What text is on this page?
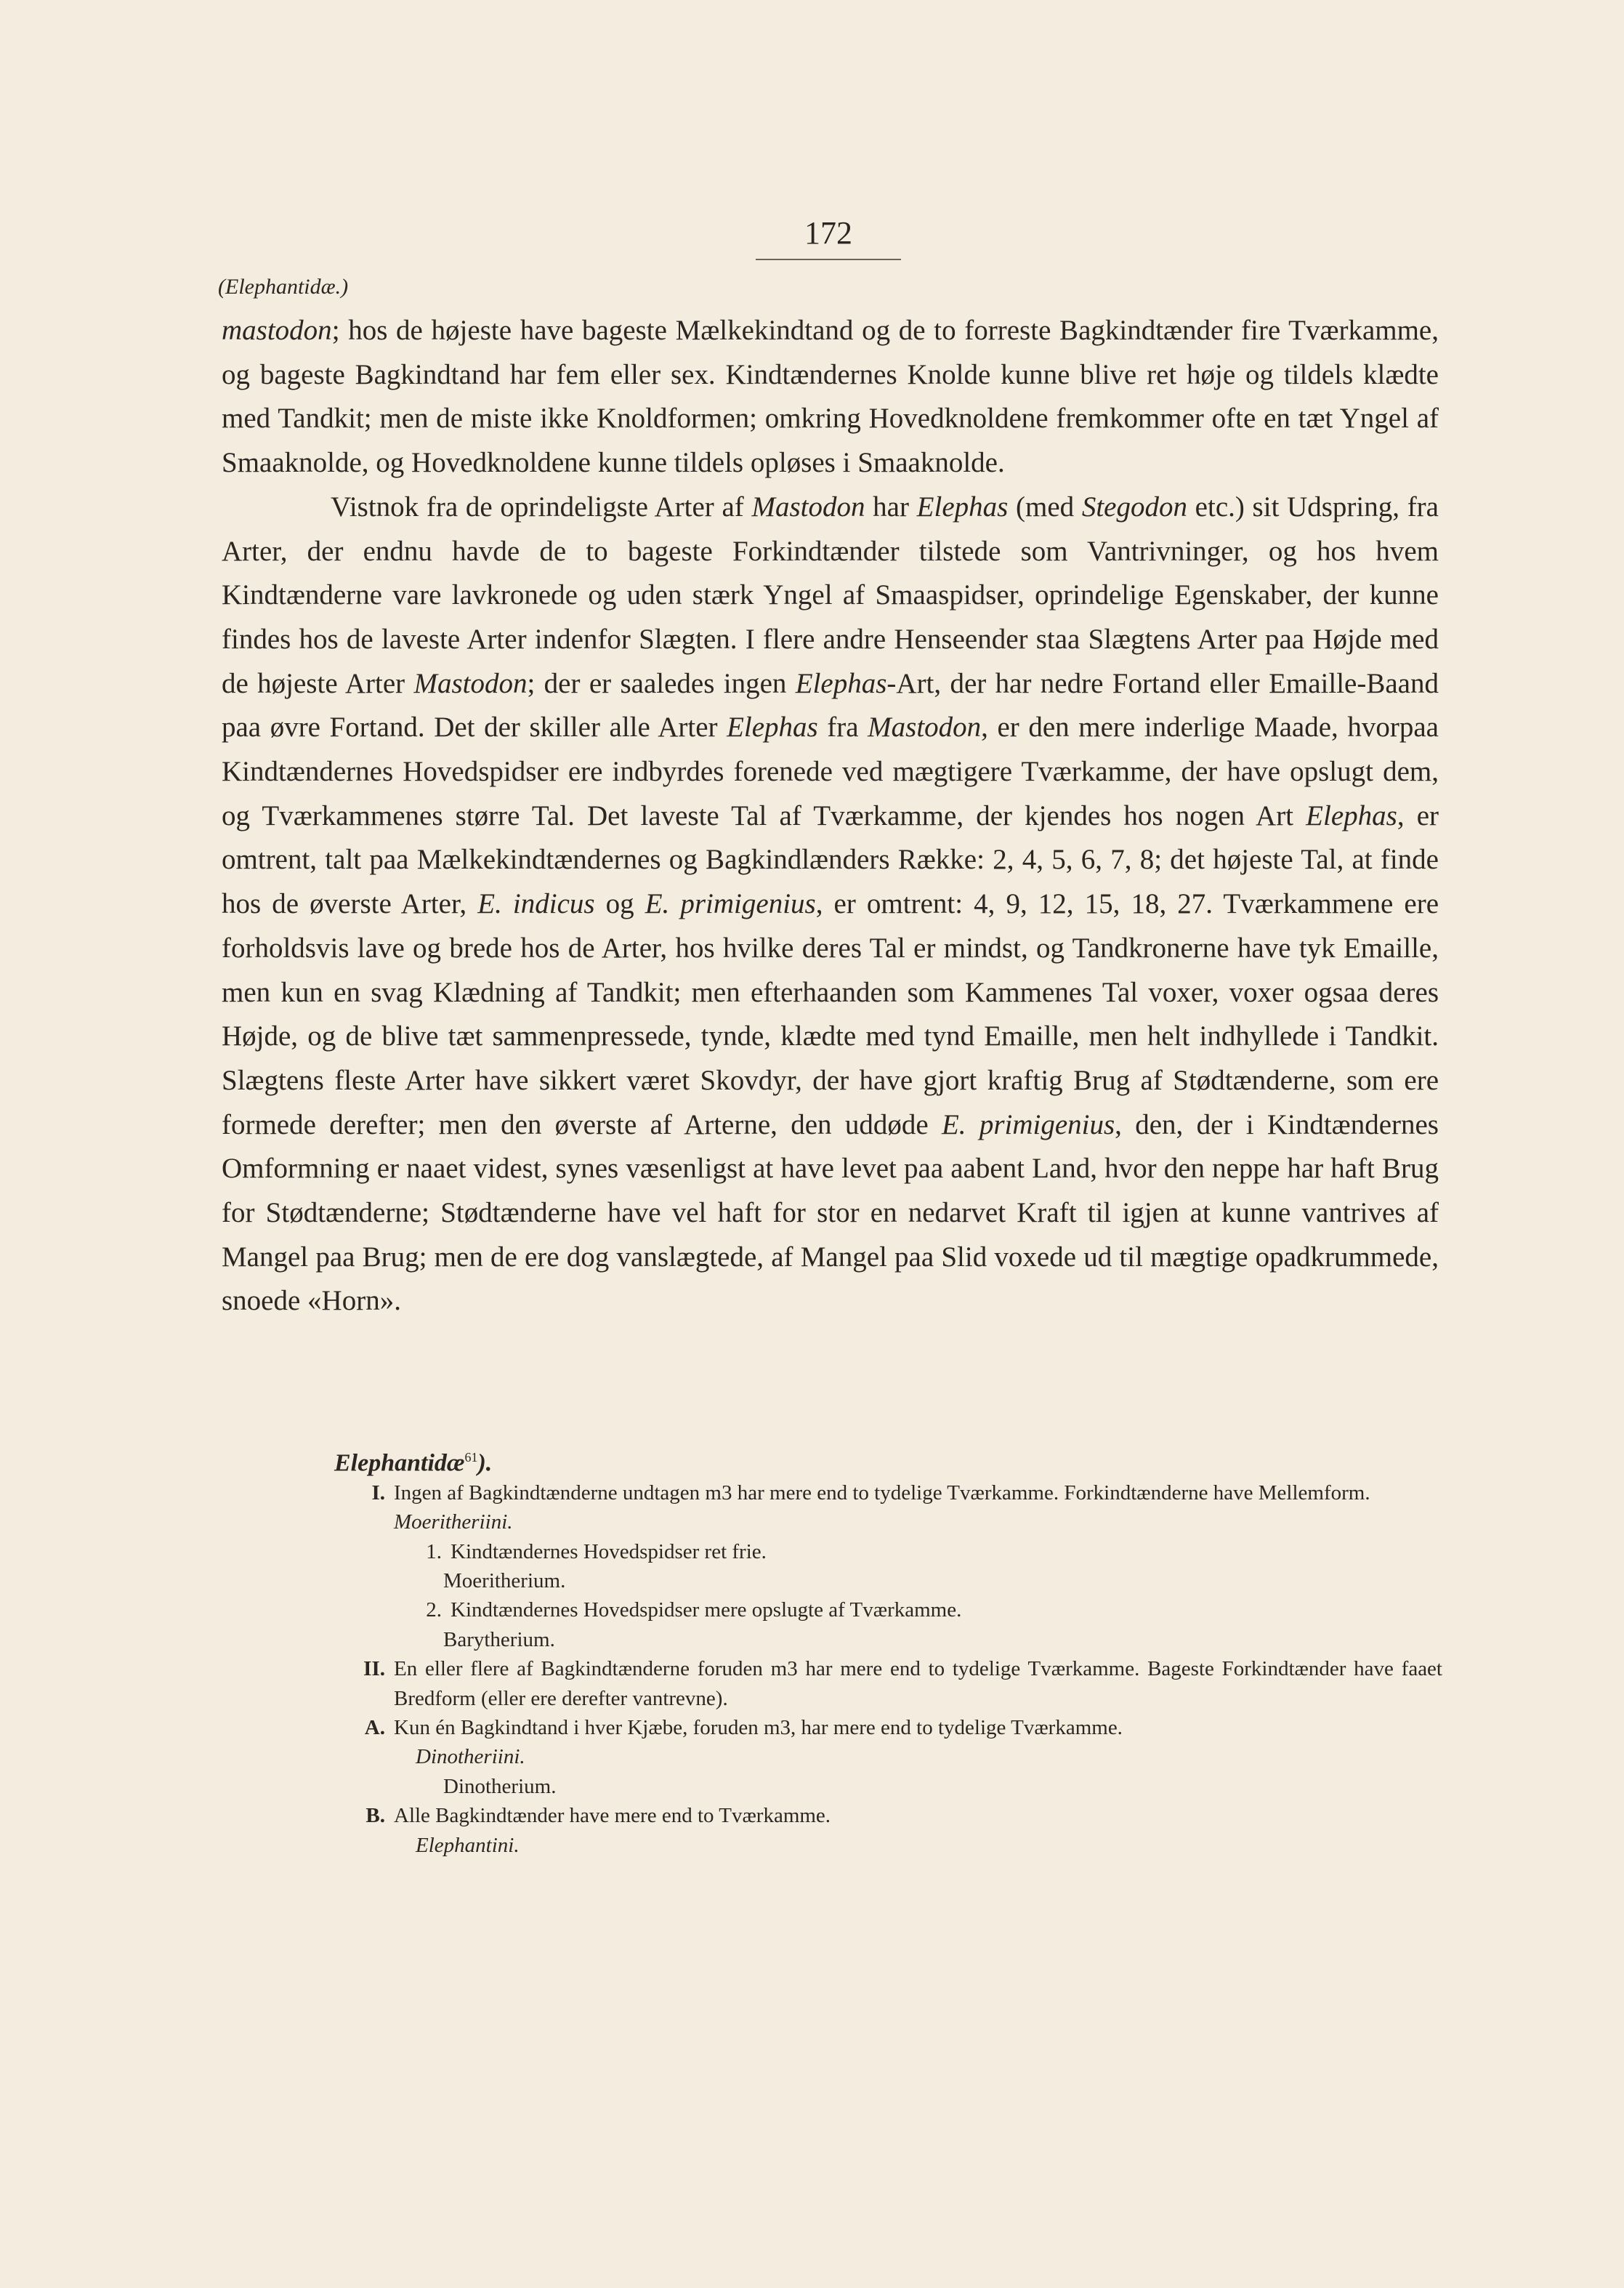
172
(Elephantidæ.)

mastodon; hos de højeste have bageste Mælkekindtand og de to forreste Bagkindtænder fire Tværkamme, og bageste Bagkindtand har fem eller sex. Kindtændernes Knolde kunne blive ret høje og tildels klædte med Tandkit; men de miste ikke Knoldformen; omkring Hovedknoldene fremkommer ofte en tæt Yngel af Smaaknolde, og Hovedknoldene kunne tildels opløses i Smaaknolde.

Vistnok fra de oprindeligste Arter af Mastodon har Elephas (med Stegodon etc.) sit Udspring, fra Arter, der endnu havde de to bageste Forkindtænder tilstede som Vantrivninger, og hos hvem Kindtænderne vare lavkronede og uden stærk Yngel af Smaaspidser, oprindelige Egenskaber, der kunne findes hos de laveste Arter indenfor Slægten. I flere andre Henseender staa Slægtens Arter paa Højde med de højeste Arter Mastodon; der er saaledes ingen Elephas-Art, der har nedre Fortand eller Emaille-Baand paa øvre Fortand. Det der skiller alle Arter Elephas fra Mastodon, er den mere inderlige Maade, hvorpaa Kindtændernes Hovedspidser ere indbyrdes forenede ved mægtigere Tværkamme, der have opslugt dem, og Tværkammenes større Tal. Det laveste Tal af Tværkamme, der kjendes hos nogen Art Elephas, er omtrent, talt paa Mælkekindtændernes og Bagkindlænders Række: 2, 4, 5, 6, 7, 8; det højeste Tal, at finde hos de øverste Arter, E. indicus og E. primigenius, er omtrent: 4, 9, 12, 15, 18, 27. Tværkammene ere forholdsvis lave og brede hos de Arter, hos hvilke deres Tal er mindst, og Tandkronerne have tyk Emaille, men kun en svag Klædning af Tandkit; men efterhaanden som Kammenes Tal voxer, voxer ogsaa deres Højde, og de blive tæt sammenpressede, tynde, klædte med tynd Emaille, men helt indhyllede i Tandkit. Slægtens fleste Arter have sikkert været Skovdyr, der have gjort kraftig Brug af Stødtænderne, som ere formede derefter; men den øverste af Arterne, den uddøde E. primigenius, den, der i Kindtændernes Omformning er naaet videst, synes væsenligst at have levet paa aabent Land, hvor den neppe har haft Brug for Stødtænderne; Stødtænderne have vel haft for stor en nedarvet Kraft til igjen at kunne vantrives af Mangel paa Brug; men de ere dog vanslægtede, af Mangel paa Slid voxede ud til mægtige opadkrummede, snoede «Horn».

Elephantidæ$^{61}$).
I. Ingen af Bagkindtænderne undtagen m3 har mere end to tydelige Tværkamme. Forkindtænderne have Mellemform.
Moeritheriini.
1. Kindtændernes Hovedspidser ret frie.
Moeritherium.
2. Kindtændernes Hovedspidser mere opslugte af Tværkamme.
Barytherium.
II. En eller flere af Bagkindtænderne foruden m3 har mere end to tydelige Tværkamme. Bageste Forkindtænder have faaet Bredform (eller ere derefter vantrevne).
A. Kun én Bagkindtand i hver Kjæbe, foruden m3, har mere end to tydelige Tværkamme.
Dinotheriini.
Dinotherium.
B. Alle Bagkindtænder have mere end to Tværkamme.
Elephantini.
